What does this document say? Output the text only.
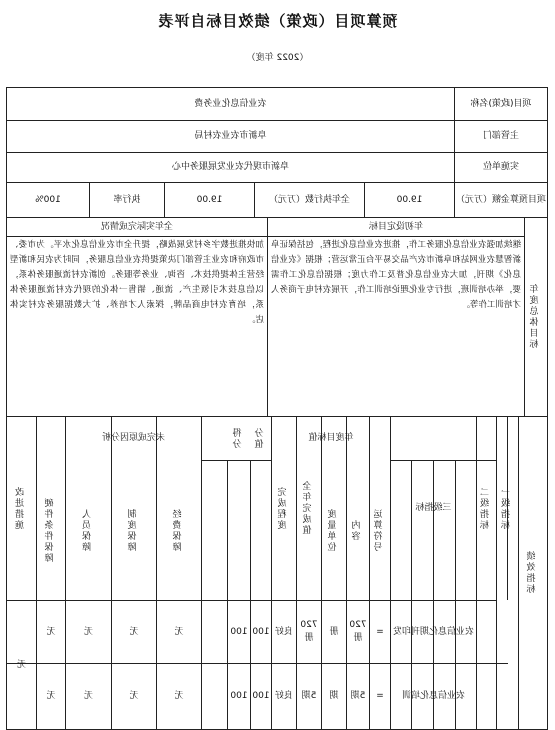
预算项目（政策）绩效目标自评表
（2022 年度）
项目(政策)名称
农业信息化业务费
主管部门
阜新市农业农村局
实施单位
阜新市现代农业发展服务中心
项目预算金额（万元）
19.00
全年执行数（万元）
19.00
执行率
100%
年度总体目标
年初设定目标
全年实际完成情况
继续加强农业信息化服务工作，推进农业信息化进程，包括保证阜新智慧农业网站和阜新市农产品交易平台正常运营；根据《农业信息化》期刊，加大农业信息化普及工作力度；根据信息化工作需要，举办培训班，进行专业化理论培训工作，开展农村电子商务人才培训工作等。
加快推进数字乡村发展战略，提升全市农业信息化水平。为市委、市政府和农业主管部门决策提供农业信息服务，同时为农民和新型经营主体提供技术、咨询、业务等服务。创新农村流通服务体系，以信息技术引领生产、流通、销售一体化的现代农村流通服务体系，培育农村电商品牌，探索人才培养、扩大数据服务农村实体店。
绩效指标
一级指标
二级指标
三级指标
年度目标值
运算符号
内容
度量单位
全年完成值
完成程度
分值
得分
未完成原因分析
经费保障
制度保障
人员保障
硬件条件保障
改进措施
农业信息化期刊印发
=
720册
册
720册
良好
100
100
无
无
无
无
农业信息化培训
=
5期
期
5期
良好
100
100
无
无
无
无
无
